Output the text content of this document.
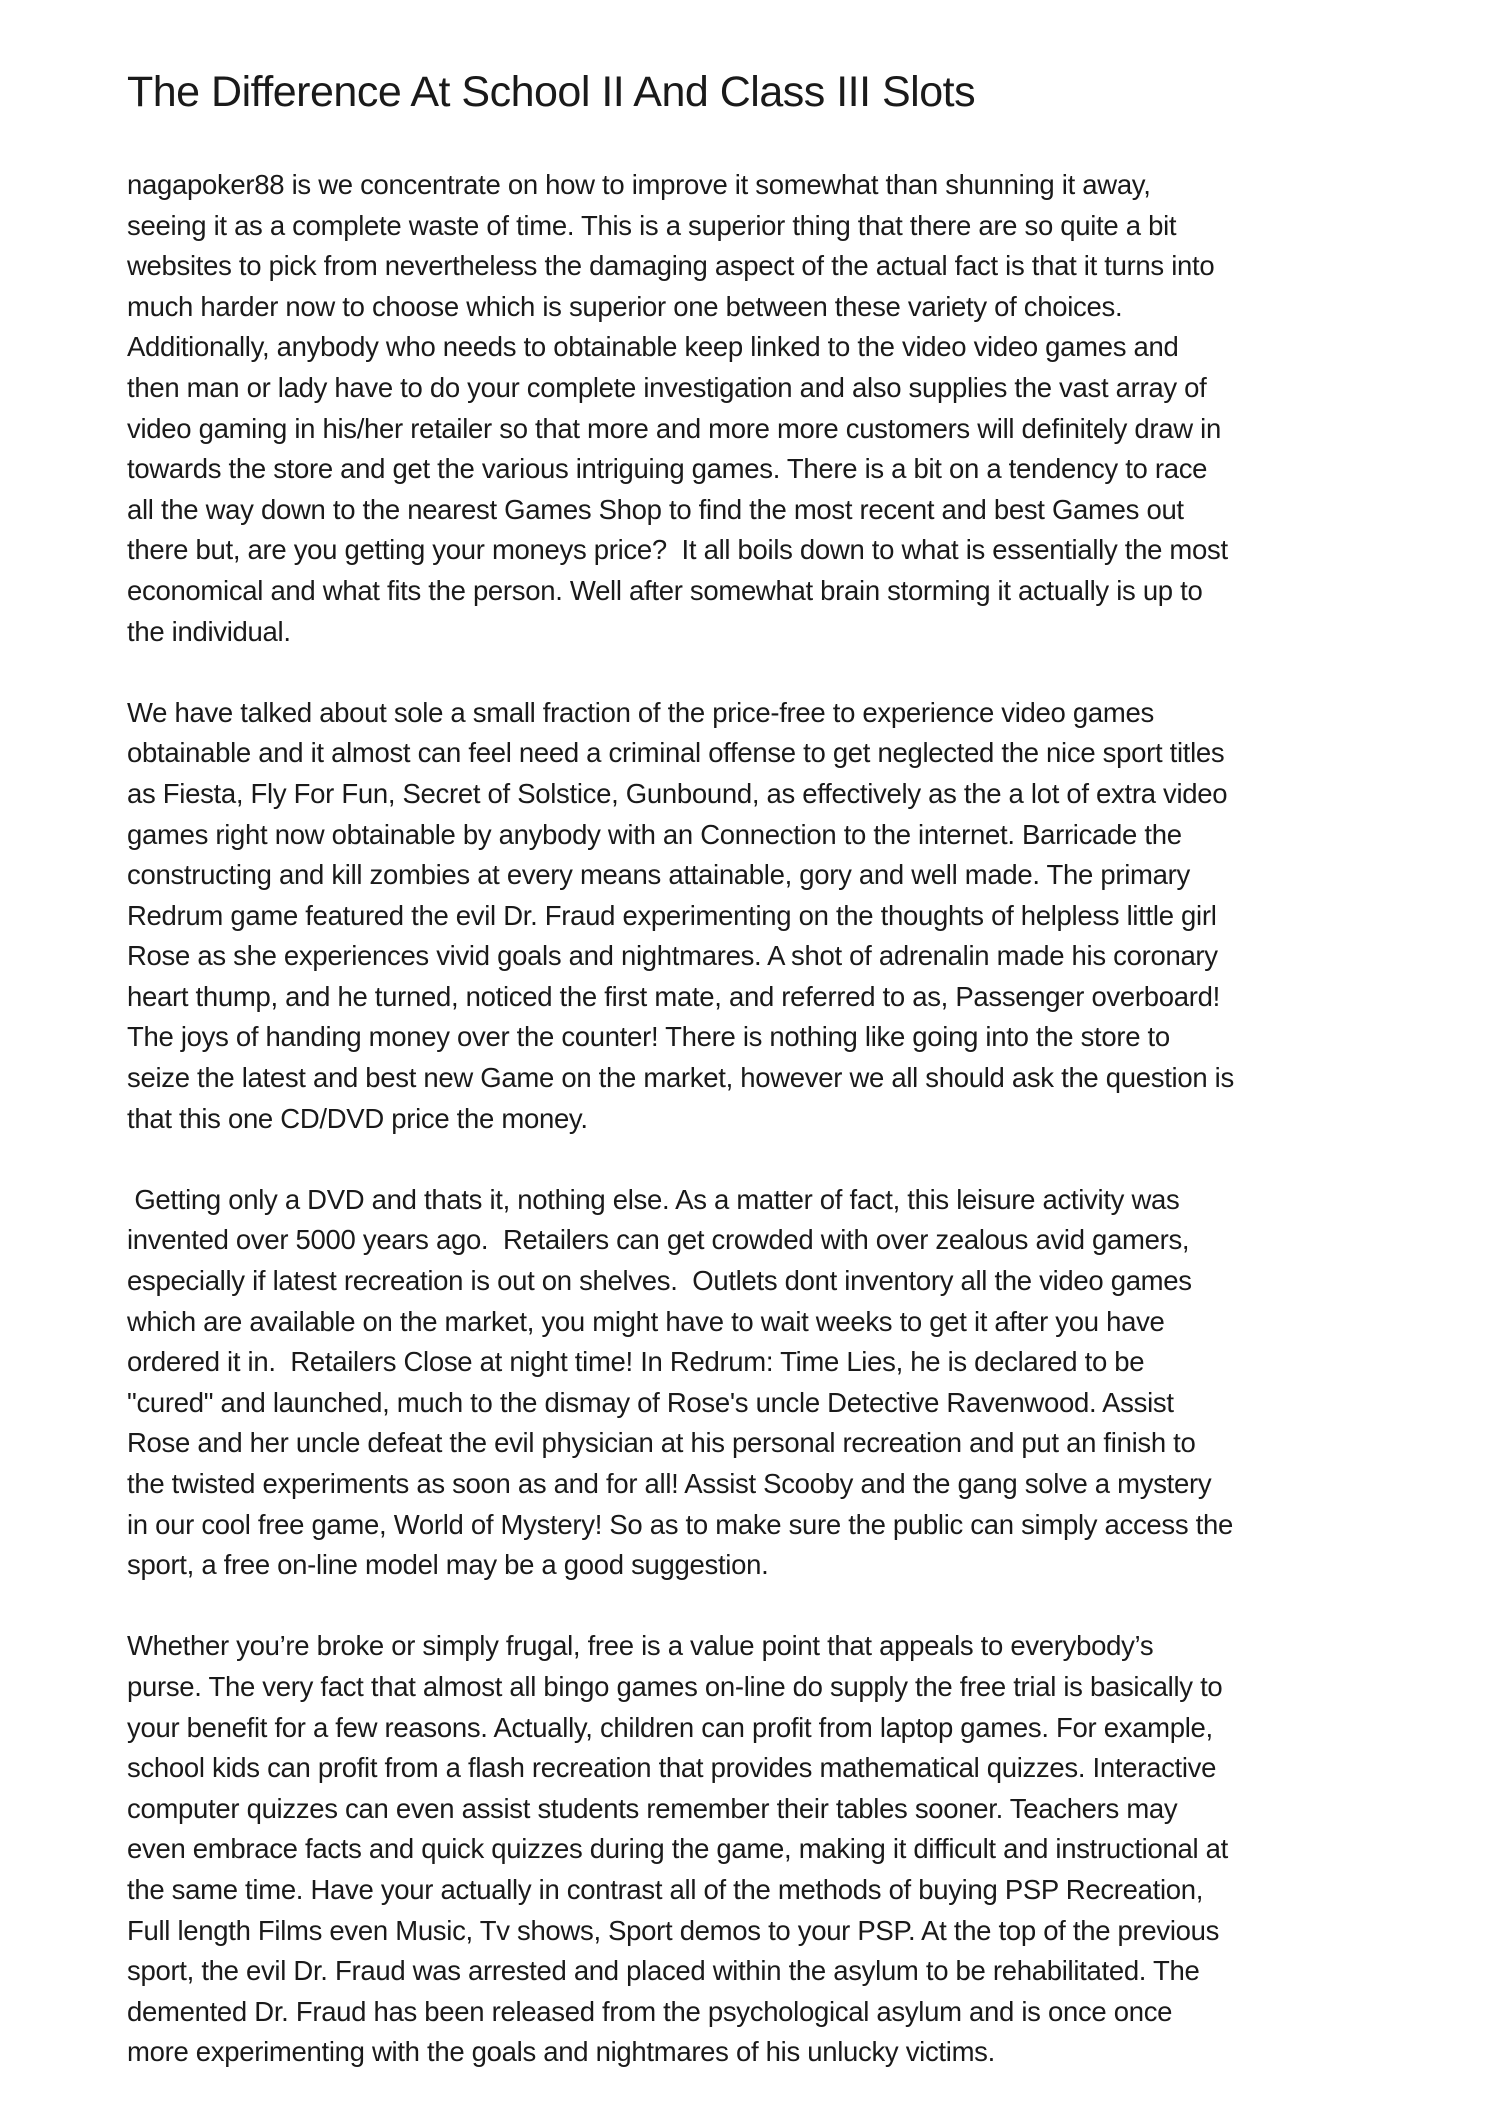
The Difference At School II And Class III Slots

nagapoker88 is we concentrate on how to improve it somewhat than shunning it away,
seeing it as a complete waste of time. This is a superior thing that there are so quite a bit
websites to pick from nevertheless the damaging aspect of the actual fact is that it turns into
much harder now to choose which is superior one between these variety of choices.
Additionally, anybody who needs to obtainable keep linked to the video video games and
then man or lady have to do your complete investigation and also supplies the vast array of
video gaming in his/her retailer so that more and more more customers will definitely draw in
towards the store and get the various intriguing games. There is a bit on a tendency to race
all the way down to the nearest Games Shop to find the most recent and best Games out
there but, are you getting your moneys price?  It all boils down to what is essentially the most
economical and what fits the person. Well after somewhat brain storming it actually is up to
the individual.

We have talked about sole a small fraction of the price-free to experience video games
obtainable and it almost can feel need a criminal offense to get neglected the nice sport titles
as Fiesta, Fly For Fun, Secret of Solstice, Gunbound, as effectively as the a lot of extra video
games right now obtainable by anybody with an Connection to the internet. Barricade the
constructing and kill zombies at every means attainable, gory and well made. The primary
Redrum game featured the evil Dr. Fraud experimenting on the thoughts of helpless little girl
Rose as she experiences vivid goals and nightmares. A shot of adrenalin made his coronary
heart thump, and he turned, noticed the first mate, and referred to as, Passenger overboard!
The joys of handing money over the counter! There is nothing like going into the store to
seize the latest and best new Game on the market, however we all should ask the question is
that this one CD/DVD price the money.

Getting only a DVD and thats it, nothing else. As a matter of fact, this leisure activity was
invented over 5000 years ago.  Retailers can get crowded with over zealous avid gamers,
especially if latest recreation is out on shelves.  Outlets dont inventory all the video games
which are available on the market, you might have to wait weeks to get it after you have
ordered it in.  Retailers Close at night time! In Redrum: Time Lies, he is declared to be
"cured" and launched, much to the dismay of Rose's uncle Detective Ravenwood. Assist
Rose and her uncle defeat the evil physician at his personal recreation and put an finish to
the twisted experiments as soon as and for all! Assist Scooby and the gang solve a mystery
in our cool free game, World of Mystery! So as to make sure the public can simply access the
sport, a free on-line model may be a good suggestion.

Whether you’re broke or simply frugal, free is a value point that appeals to everybody’s
purse. The very fact that almost all bingo games on-line do supply the free trial is basically to
your benefit for a few reasons. Actually, children can profit from laptop games. For example,
school kids can profit from a flash recreation that provides mathematical quizzes. Interactive
computer quizzes can even assist students remember their tables sooner. Teachers may
even embrace facts and quick quizzes during the game, making it difficult and instructional at
the same time. Have your actually in contrast all of the methods of buying PSP Recreation,
Full length Films even Music, Tv shows, Sport demos to your PSP. At the top of the previous
sport, the evil Dr. Fraud was arrested and placed within the asylum to be rehabilitated. The
demented Dr. Fraud has been released from the psychological asylum and is once once
more experimenting with the goals and nightmares of his unlucky victims.
